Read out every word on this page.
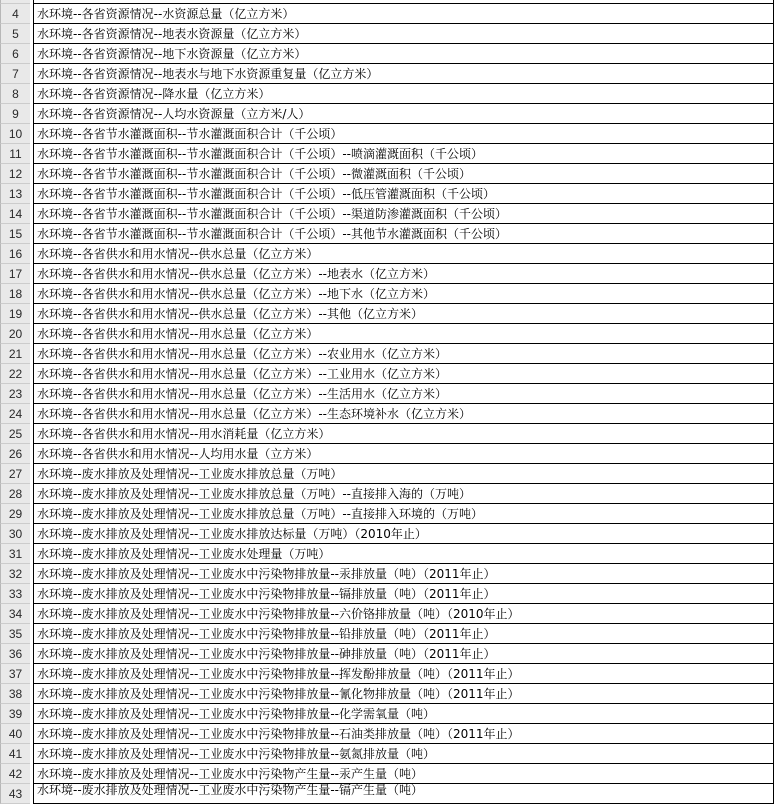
4	水环境--各省资源情况--水资源总量（亿立方米）
5	水环境--各省资源情况--地表水资源量（亿立方米）
6	水环境--各省资源情况--地下水资源量（亿立方米）
7	水环境--各省资源情况--地表水与地下水资源重复量（亿立方米）
8	水环境--各省资源情况--降水量（亿立方米）
9	水环境--各省资源情况--人均水资源量（立方米/人）
10	水环境--各省节水灌溉面积--节水灌溉面积合计（千公顷）
11	水环境--各省节水灌溉面积--节水灌溉面积合计（千公顷）--喷滴灌溉面积（千公顷）
12	水环境--各省节水灌溉面积--节水灌溉面积合计（千公顷）--微灌溉面积（千公顷）
13	水环境--各省节水灌溉面积--节水灌溉面积合计（千公顷）--低压管灌溉面积（千公顷）
14	水环境--各省节水灌溉面积--节水灌溉面积合计（千公顷）--渠道防渗灌溉面积（千公顷）
15	水环境--各省节水灌溉面积--节水灌溉面积合计（千公顷）--其他节水灌溉面积（千公顷）
16	水环境--各省供水和用水情况--供水总量（亿立方米）
17	水环境--各省供水和用水情况--供水总量（亿立方米）--地表水（亿立方米）
18	水环境--各省供水和用水情况--供水总量（亿立方米）--地下水（亿立方米）
19	水环境--各省供水和用水情况--供水总量（亿立方米）--其他（亿立方米）
20	水环境--各省供水和用水情况--用水总量（亿立方米）
21	水环境--各省供水和用水情况--用水总量（亿立方米）--农业用水（亿立方米）
22	水环境--各省供水和用水情况--用水总量（亿立方米）--工业用水（亿立方米）
23	水环境--各省供水和用水情况--用水总量（亿立方米）--生活用水（亿立方米）
24	水环境--各省供水和用水情况--用水总量（亿立方米）--生态环境补水（亿立方米）
25	水环境--各省供水和用水情况--用水消耗量（亿立方米）
26	水环境--各省供水和用水情况--人均用水量（立方米）
27	水环境--废水排放及处理情况--工业废水排放总量（万吨）
28	水环境--废水排放及处理情况--工业废水排放总量（万吨）--直接排入海的（万吨）
29	水环境--废水排放及处理情况--工业废水排放总量（万吨）--直接排入环境的（万吨）
30	水环境--废水排放及处理情况--工业废水排放达标量（万吨）（2010年止）
31	水环境--废水排放及处理情况--工业废水处理量（万吨）
32	水环境--废水排放及处理情况--工业废水中污染物排放量--汞排放量（吨）（2011年止）
33	水环境--废水排放及处理情况--工业废水中污染物排放量--镉排放量（吨）（2011年止）
34	水环境--废水排放及处理情况--工业废水中污染物排放量--六价铬排放量（吨）（2010年止）
35	水环境--废水排放及处理情况--工业废水中污染物排放量--铅排放量（吨）（2011年止）
36	水环境--废水排放及处理情况--工业废水中污染物排放量--砷排放量（吨）（2011年止）
37	水环境--废水排放及处理情况--工业废水中污染物排放量--挥发酚排放量（吨）（2011年止）
38	水环境--废水排放及处理情况--工业废水中污染物排放量--氰化物排放量（吨）（2011年止）
39	水环境--废水排放及处理情况--工业废水中污染物排放量--化学需氧量（吨）
40	水环境--废水排放及处理情况--工业废水中污染物排放量--石油类排放量（吨）（2011年止）
41	水环境--废水排放及处理情况--工业废水中污染物排放量--氨氮排放量（吨）
42	水环境--废水排放及处理情况--工业废水中污染物产生量--汞产生量（吨）
43	水环境--废水排放及处理情况--工业废水中污染物产生量--镉产生量（吨）
